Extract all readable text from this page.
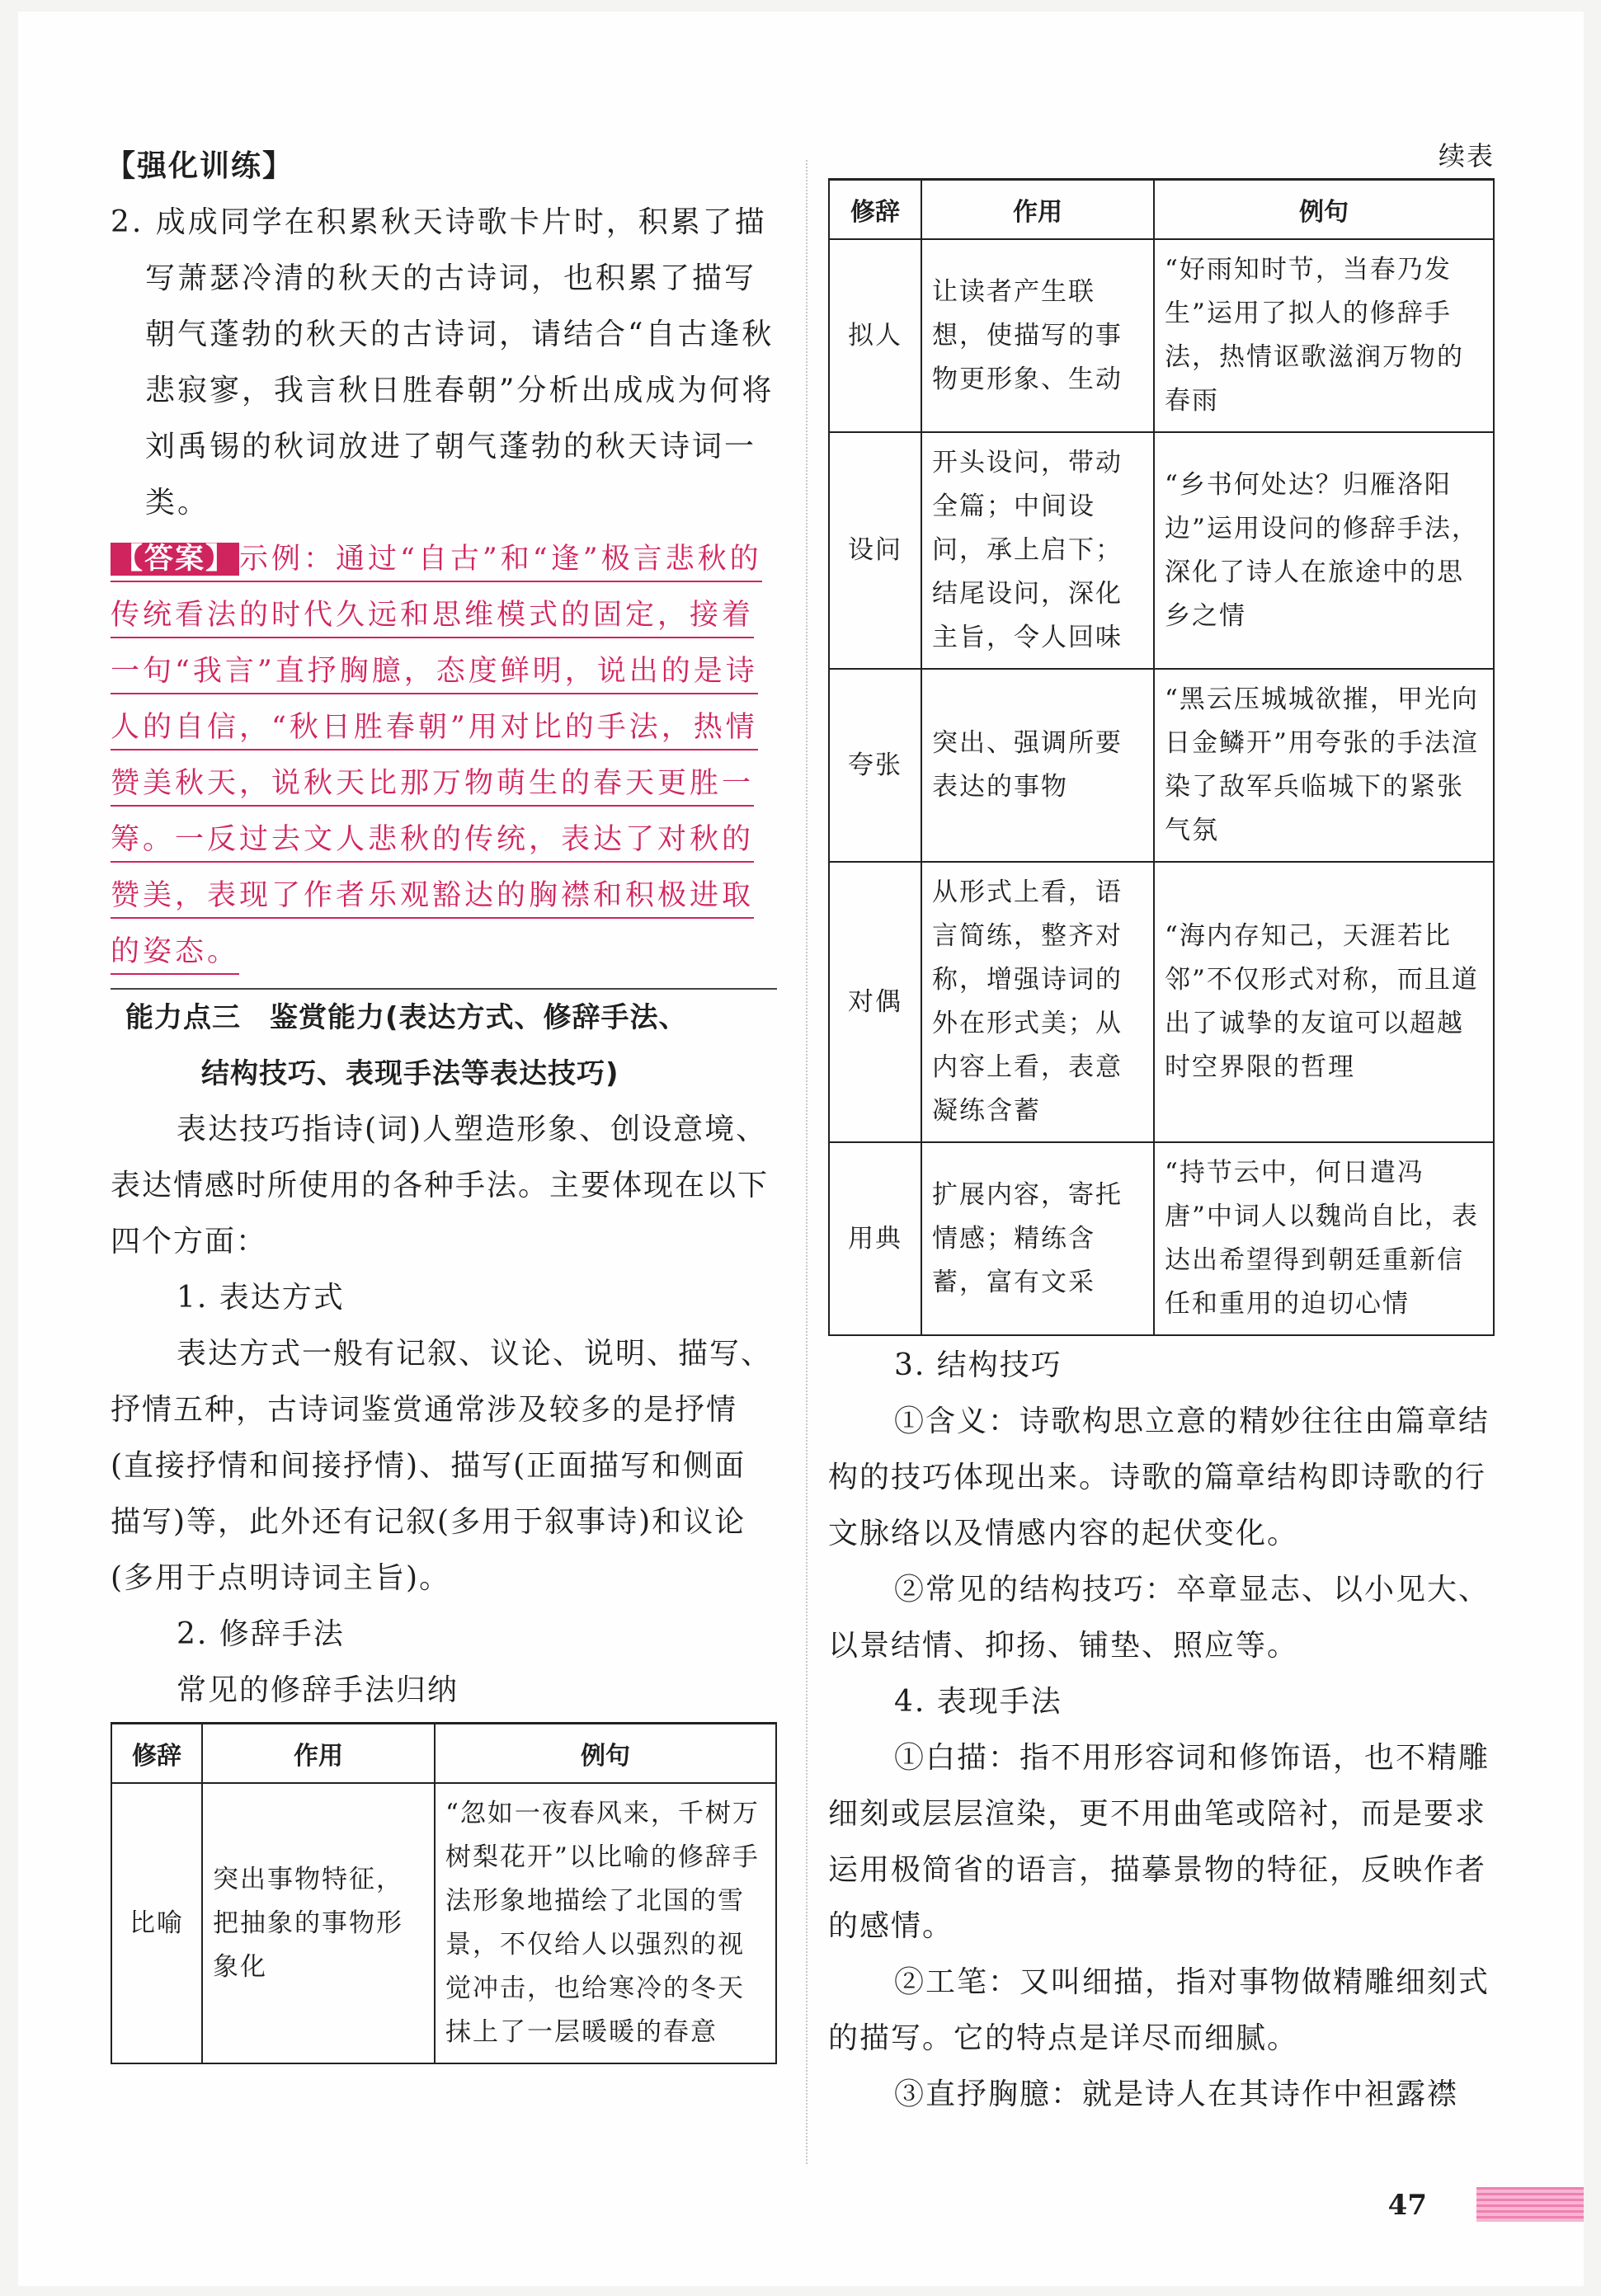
【强化训练】

2. 成成同学在积累秋天诗歌卡片时，积累了描写萧瑟冷清的秋天的古诗词，也积累了描写朝气蓬勃的秋天的古诗词，请结合“自古逢秋悲寂寥，我言秋日胜春朝”分析出成成为何将刘禹锡的秋词放进了朝气蓬勃的秋天诗词一类。

【答案】 示例：通过“自古”和“逢”极言悲秋的传统看法的时代久远和思维模式的固定，接着一句“我言”直抒胸臆，态度鲜明，说出的是诗人的自信，“秋日胜春朝”用对比的手法，热情赞美秋天，说秋天比那万物萌生的春天更胜一筹。一反过去文人悲秋的传统，表达了对秋的赞美，表现了作者乐观豁达的胸襟和积极进取的姿态。

能力点三　鉴赏能力(表达方式、修辞手法、

结构技巧、表现手法等表达技巧)

表达技巧指诗(词)人塑造形象、创设意境、表达情感时所使用的各种手法。主要体现在以下四个方面：

1. 表达方式

表达方式一般有记叙、议论、说明、描写、抒情五种，古诗词鉴赏通常涉及较多的是抒情(直接抒情和间接抒情)、描写(正面描写和侧面描写)等，此外还有记叙(多用于叙事诗)和议论(多用于点明诗词主旨)。

2. 修辞手法

常见的修辞手法归纳

修辞	作用	例句
比喻	突出事物特征，把抽象的事物形象化	“忽如一夜春风来，千树万树梨花开”以比喻的修辞手法形象地描绘了北国的雪景，不仅给人以强烈的视觉冲击，也给寒冷的冬天抹上了一层暖暖的春意

续表

修辞	作用	例句
拟人	让读者产生联想，使描写的事物更形象、生动	“好雨知时节，当春乃发生”运用了拟人的修辞手法，热情讴歌滋润万物的春雨
设问	开头设问，带动全篇；中间设问，承上启下；结尾设问，深化主旨，令人回味	“乡书何处达？归雁洛阳边”运用设问的修辞手法，深化了诗人在旅途中的思乡之情
夸张	突出、强调所要表达的事物	“黑云压城城欲摧，甲光向日金鳞开”用夸张的手法渲染了敌军兵临城下的紧张气氛
对偶	从形式上看，语言简练，整齐对称，增强诗词的外在形式美；从内容上看，表意凝练含蓄	“海内存知己，天涯若比邻”不仅形式对称，而且道出了诚挚的友谊可以超越时空界限的哲理
用典	扩展内容，寄托情感；精练含蓄，富有文采	“持节云中，何日遣冯唐”中词人以魏尚自比，表达出希望得到朝廷重新信任和重用的迫切心情

3. 结构技巧

①含义：诗歌构思立意的精妙往往由篇章结构的技巧体现出来。诗歌的篇章结构即诗歌的行文脉络以及情感内容的起伏变化。

②常见的结构技巧：卒章显志、以小见大、以景结情、抑扬、铺垫、照应等。

4. 表现手法

①白描：指不用形容词和修饰语，也不精雕细刻或层层渲染，更不用曲笔或陪衬，而是要求运用极简省的语言，描摹景物的特征，反映作者的感情。

②工笔：又叫细描，指对事物做精雕细刻式的描写。它的特点是详尽而细腻。

③直抒胸臆：就是诗人在其诗作中袒露襟

47
